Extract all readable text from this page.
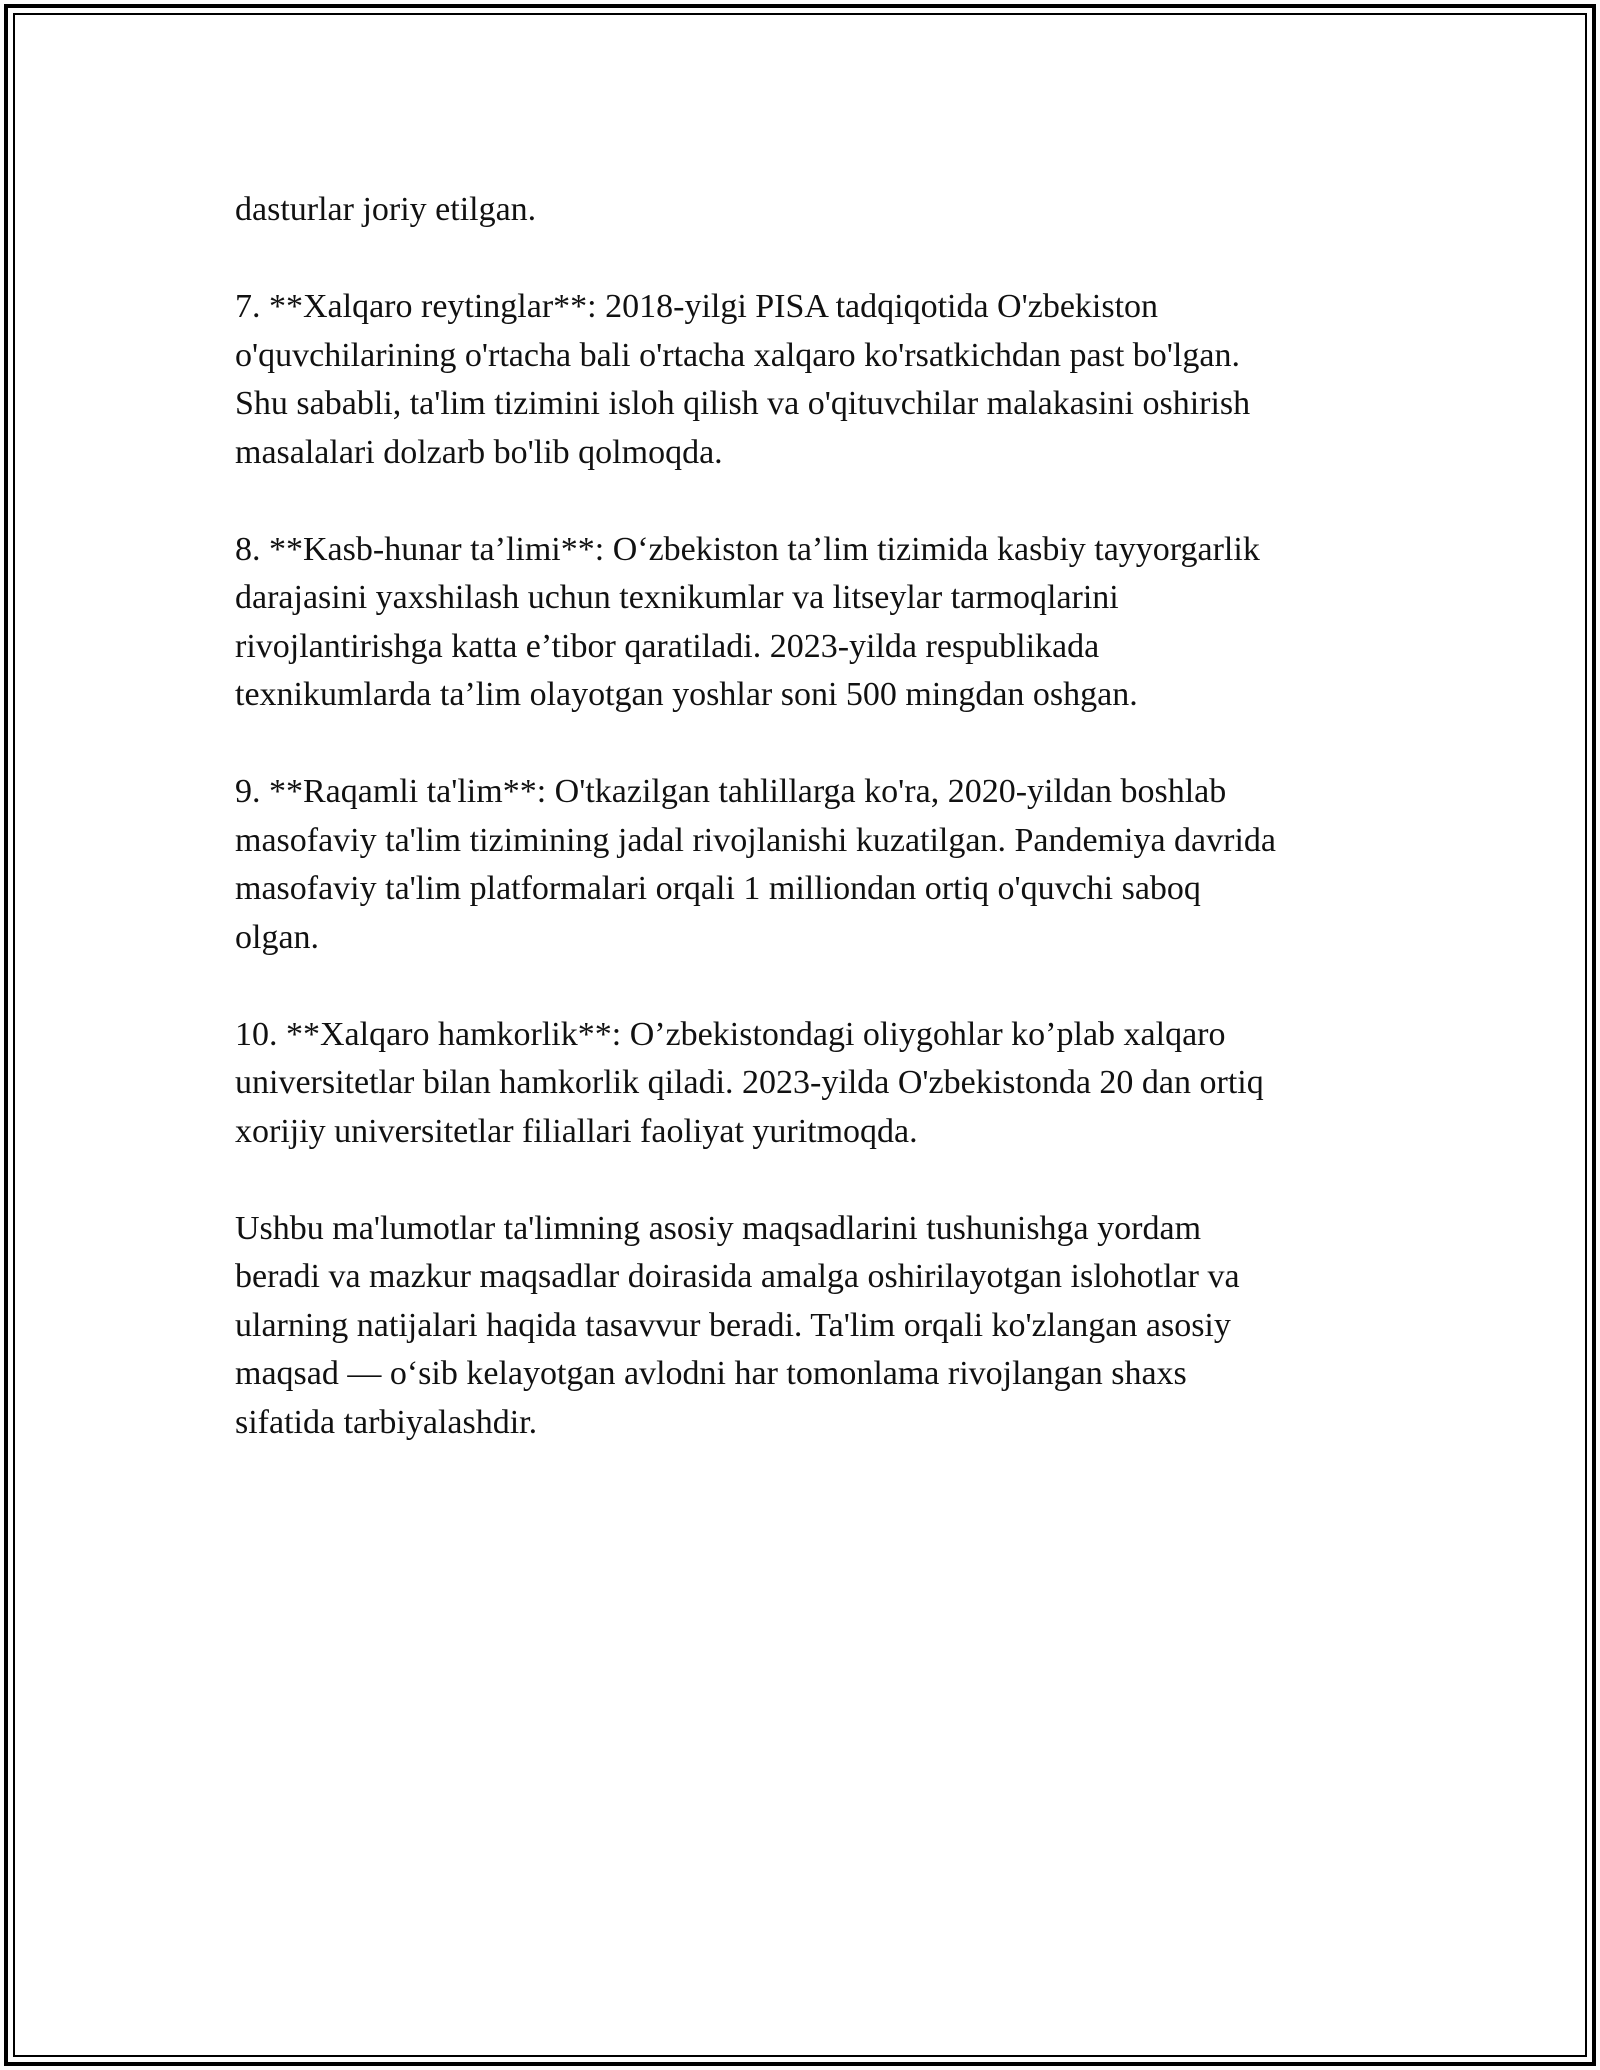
dasturlar joriy etilgan.

7. **Xalqaro reytinglar**: 2018-yilgi PISA tadqiqotida O'zbekiston
o'quvchilarining o'rtacha bali o'rtacha xalqaro ko'rsatkichdan past bo'lgan.
Shu sababli, ta'lim tizimini isloh qilish va o'qituvchilar malakasini oshirish
masalalari dolzarb bo'lib qolmoqda.

8. **Kasb-hunar ta’limi**: O‘zbekiston ta’lim tizimida kasbiy tayyorgarlik
darajasini yaxshilash uchun texnikumlar va litseylar tarmoqlarini
rivojlantirishga katta e’tibor qaratiladi. 2023-yilda respublikada
texnikumlarda ta’lim olayotgan yoshlar soni 500 mingdan oshgan.

9. **Raqamli ta'lim**: O'tkazilgan tahlillarga ko'ra, 2020-yildan boshlab
masofaviy ta'lim tizimining jadal rivojlanishi kuzatilgan. Pandemiya davrida
masofaviy ta'lim platformalari orqali 1 milliondan ortiq o'quvchi saboq
olgan.

10. **Xalqaro hamkorlik**: O’zbekistondagi oliygohlar ko’plab xalqaro
universitetlar bilan hamkorlik qiladi. 2023-yilda O'zbekistonda 20 dan ortiq
xorijiy universitetlar filiallari faoliyat yuritmoqda.

Ushbu ma'lumotlar ta'limning asosiy maqsadlarini tushunishga yordam
beradi va mazkur maqsadlar doirasida amalga oshirilayotgan islohotlar va
ularning natijalari haqida tasavvur beradi. Ta'lim orqali ko'zlangan asosiy
maqsad — o‘sib kelayotgan avlodni har tomonlama rivojlangan shaxs
sifatida tarbiyalashdir.
